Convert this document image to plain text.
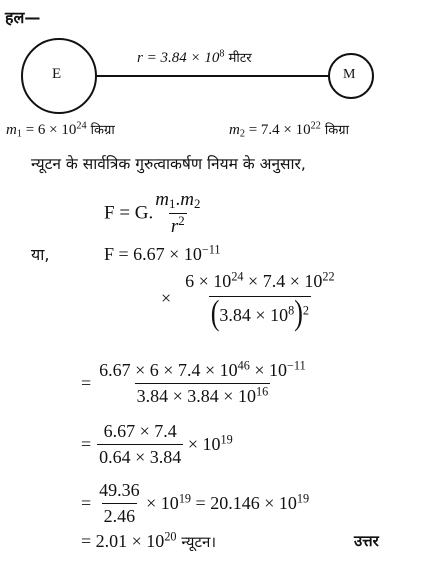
हल—
E	M
$r = 3.84 \times 10^8$ मीटर
$m_1 = 6 \times 10^{24}$ किग्रा	$m_2 = 7.4 \times 10^{22}$ किग्रा
न्यूटन के सार्वत्रिक गुरुत्वाकर्षण नियम के अनुसार,
F = G. $\frac{m_1.m_2}{r^2}$
या,	$F = 6.67 \times 10^{-11}$
× $\frac{6 \times 10^{24} \times 7.4 \times 10^{22}}{(3.84 \times 10^8)^2}$
= $\frac{6.67 \times 6 \times 7.4 \times 10^{46} \times 10^{-11}}{3.84 \times 3.84 \times 10^{16}}$
= $\frac{6.67 \times 7.4}{0.64 \times 3.84} \times 10^{19}$
= $\frac{49.36}{2.46} \times 10^{19} = 20.146 \times 10^{19}$
= $2.01 \times 10^{20}$ न्यूटन।	उत्तर
